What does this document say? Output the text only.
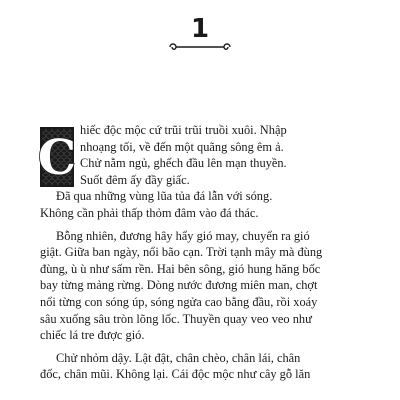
1
C hiếc độc mộc cứ trũi trũi truồi xuôi. Nhập
nhoạng tối, về đến một quãng sông êm ả.
Chử nằm ngủ, ghếch đầu lên mạn thuyền.
Suốt đêm ấy đầy giấc.
Đã qua những vùng lũa tủa đá lẫn với sóng.
Không cần phải thấp thỏm đâm vào đá thác.
Bỗng nhiên, đương hây hẩy gió may, chuyển ra gió
giật. Giữa ban ngày, nổi bão cạn. Trời tạnh mây mà đùng
đùng, ù ù như sấm rền. Hai bên sông, gió hung hăng bốc
bay từng mảng rừng. Dòng nước đương miên man, chợt
nổi từng con sóng úp, sóng ngửa cao bằng đầu, rồi xoáy
sâu xuống sâu tròn lõng lốc. Thuyền quay veo veo như
chiếc lá tre được gió.
Chử nhỏm dậy. Lật đật, chân chèo, chân lái, chân
đốc, chân mũi. Không lại. Cái độc mộc như cây gỗ lăn
